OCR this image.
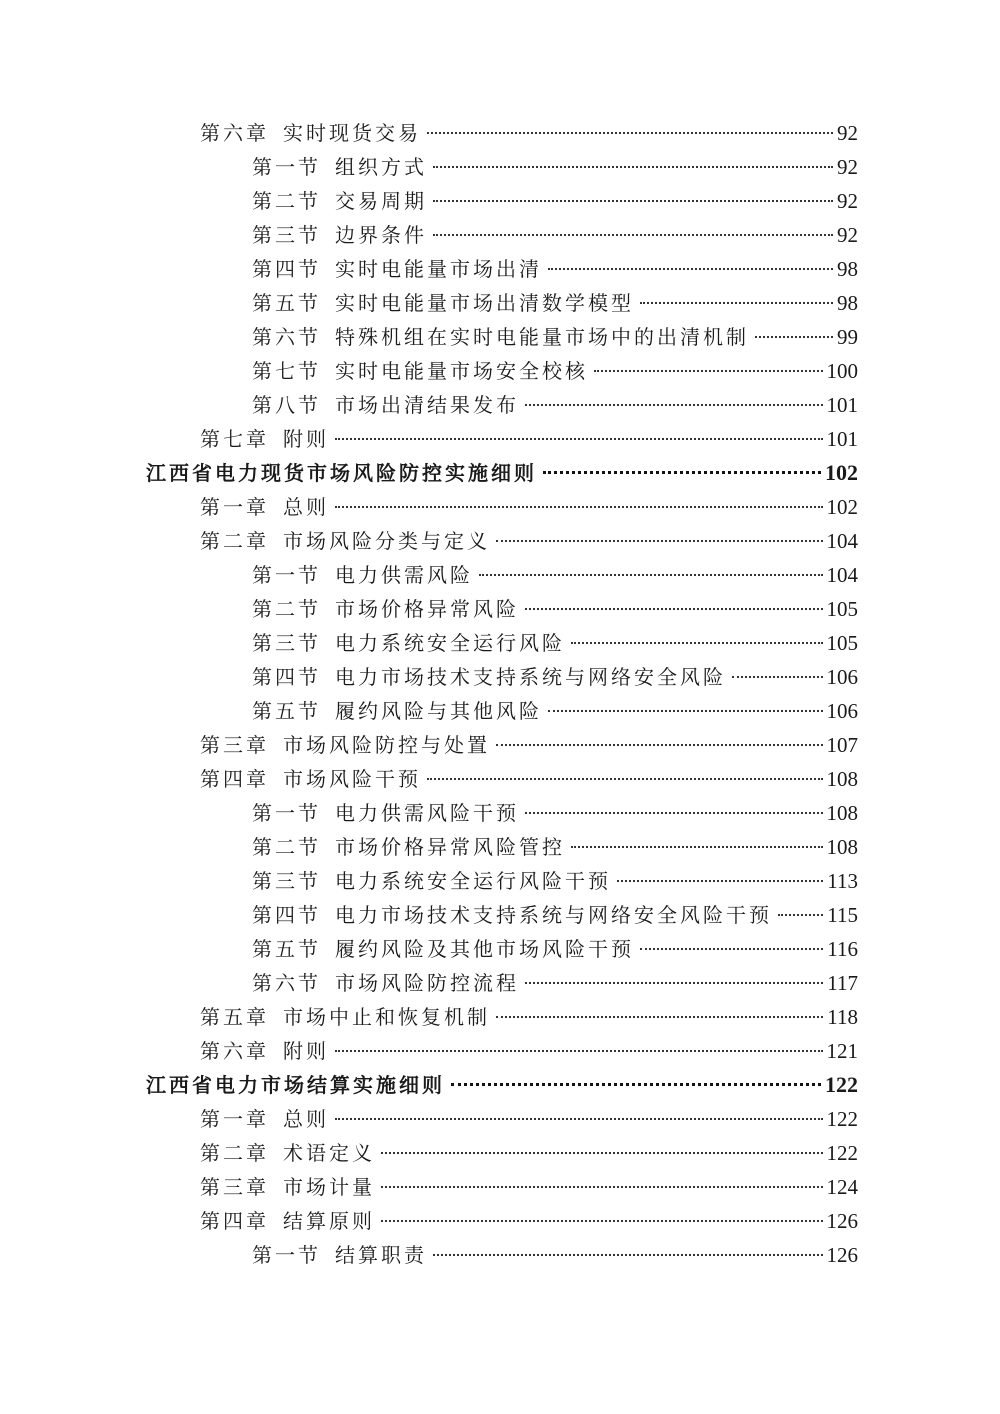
第六章 实时现货交易	92
第一节 组织方式	92
第二节 交易周期	92
第三节 边界条件	92
第四节 实时电能量市场出清	98
第五节 实时电能量市场出清数学模型	98
第六节 特殊机组在实时电能量市场中的出清机制	99
第七节 实时电能量市场安全校核	100
第八节 市场出清结果发布	101
第七章 附则	101
江西省电力现货市场风险防控实施细则	102
第一章 总则	102
第二章 市场风险分类与定义	104
第一节 电力供需风险	104
第二节 市场价格异常风险	105
第三节 电力系统安全运行风险	105
第四节 电力市场技术支持系统与网络安全风险	106
第五节 履约风险与其他风险	106
第三章 市场风险防控与处置	107
第四章 市场风险干预	108
第一节 电力供需风险干预	108
第二节 市场价格异常风险管控	108
第三节 电力系统安全运行风险干预	113
第四节 电力市场技术支持系统与网络安全风险干预	115
第五节 履约风险及其他市场风险干预	116
第六节 市场风险防控流程	117
第五章 市场中止和恢复机制	118
第六章 附则	121
江西省电力市场结算实施细则	122
第一章 总则	122
第二章 术语定义	122
第三章 市场计量	124
第四章 结算原则	126
第一节 结算职责	126
